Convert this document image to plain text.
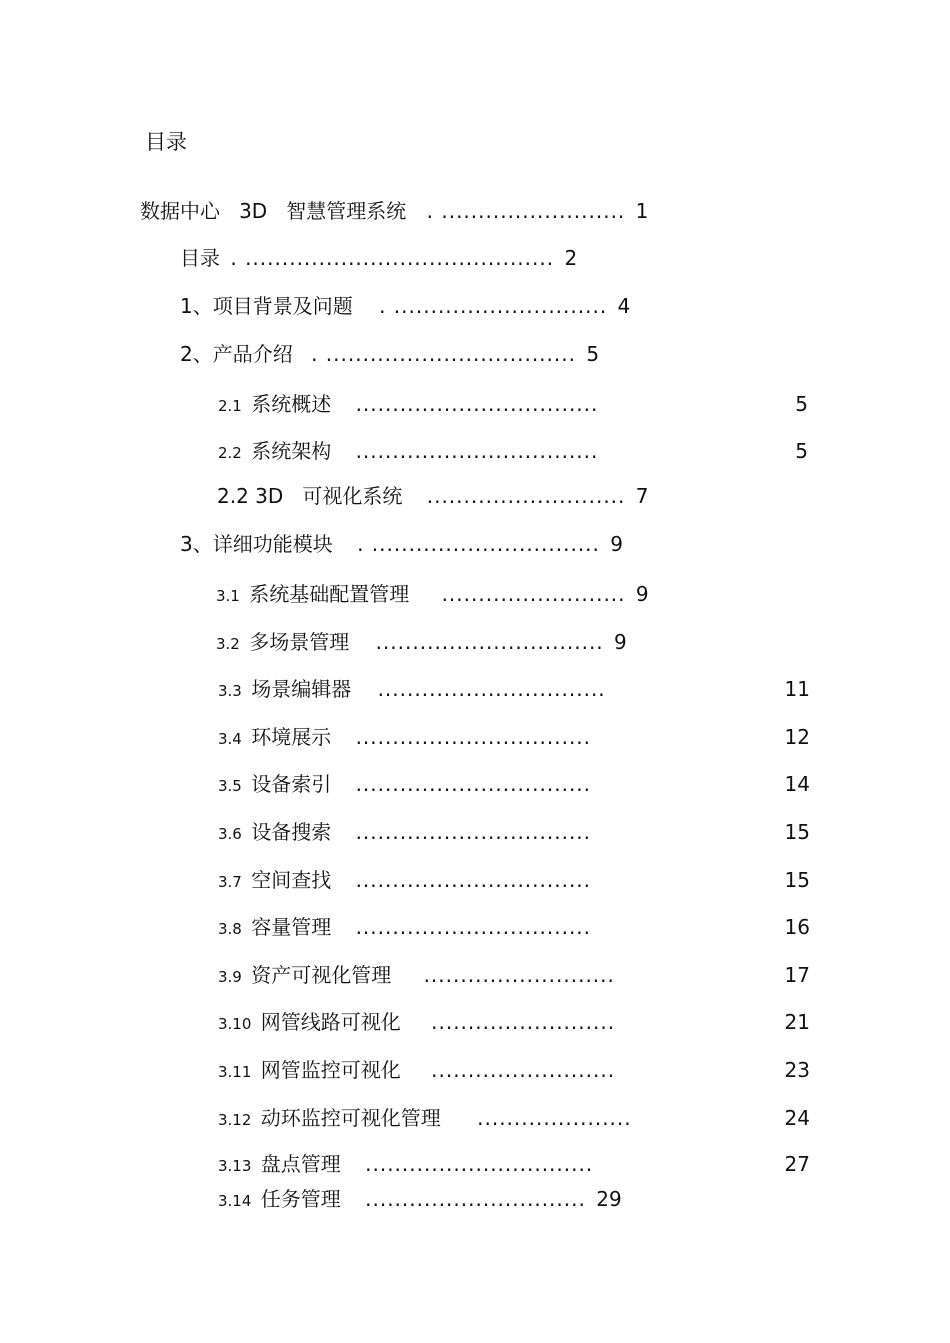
目录
数据中心   3D   智慧管理系统 . ......................... 1
目录 . .......................................... 2
1、项目背景及问题 . ............................. 4
2、产品介绍 . .................................. 5
2.1 系统概述 .................................	5
2.2 系统架构 .................................	5
2.2 3D   可视化系统 ........................... 7
3、详细功能模块 . ............................... 9
3.1 系统基础配置管理 ......................... 9
3.2 多场景管理 ............................... 9
3.3 场景编辑器 ...............................	11
3.4 环境展示 ................................	12
3.5 设备索引 ................................	14
3.6 设备搜索 ................................	15
3.7 空间查找 ................................	15
3.8 容量管理 ................................	16
3.9 资产可视化管理 ..........................	17
3.10 网管线路可视化 .........................	21
3.11 网管监控可视化 .........................	23
3.12 动环监控可视化管理 .....................	24
3.13 盘点管理 ...............................	27
3.14 任务管理 .............................. 29
